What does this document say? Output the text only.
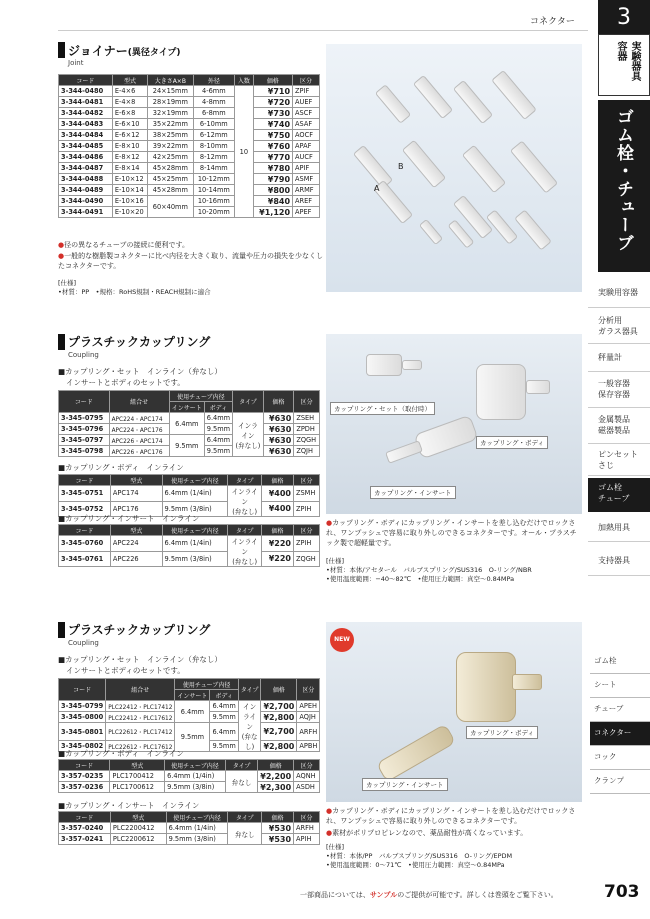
コネクター	3
実験器具
容器
ゴム栓・チューブ
実験用容器
分析用
ガラス器具
秤量計
一般容器
保存容器
金属製品
磁器製品
ピンセット
さじ
ゴム栓
チューブ
加熱用具
支持器具
ゴム栓
シート
チューブ
コネクター
コック
クランプ
ジョイナー(異径タイプ)
Joint
コード	型式	大きさA×B	外径	入数	価格	区分
3-344-0480	E-4×6	24×15mm	4-6mm	10	¥710	ZPIF
3-344-0481	E-4×8	28×19mm	4-8mm		¥720	AUEF
3-344-0482	E-6×8	32×19mm	6-8mm		¥730	ASCF
3-344-0483	E-6×10	35×22mm	6-10mm		¥740	ASAF
3-344-0484	E-6×12	38×25mm	6-12mm		¥750	AOCF
3-344-0485	E-8×10	39×22mm	8-10mm		¥760	APAF
3-344-0486	E-8×12	42×25mm	8-12mm		¥770	AUCF
3-344-0487	E-8×14	45×28mm	8-14mm		¥780	APIF
3-344-0488	E-10×12	45×25mm	10-12mm		¥790	ASMF
3-344-0489	E-10×14	45×28mm	10-14mm		¥800	ARMF
3-344-0490	E-10×16	60×40mm	10-16mm		¥840	AREF
3-344-0491	E-10×20		10-20mm		¥1,120	APEF
B
A
●径の異なるチューブの接続に便利です。
●一般的な樹脂製コネクターに比べ内径を大きく取り、流量や圧力の損失を少なくしたコネクターです。
[仕様]
•材質：PP　•規格：RoHS規制・REACH規制に適合
プラスチックカップリング
Coupling
■カップリング・セット　インライン（弁なし）
インサートとボディのセットです。
コード	組合せ	使用チューブ内径		タイプ	価格	区分
		インサート	ボディ			
3-345-0795	APC224・APC174	6.4mm	6.4mm	インライン
(弁なし)	¥630	ZSEH
3-345-0796	APC224・APC176		9.5mm		¥630	ZPDH
3-345-0797	APC226・APC174	9.5mm	6.4mm		¥630	ZQGH
3-345-0798	APC226・APC176		9.5mm		¥630	ZQJH
■カップリング・ボディ　インライン
コード	型式	使用チューブ内径	タイプ	価格	区分
3-345-0751	APC174	6.4mm (1/4in)	インライン
(弁なし)	¥400	ZSMH
3-345-0752	APC176	9.5mm (3/8in)		¥400	ZPIH
■カップリング・インサート　インライン
コード	型式	使用チューブ内径	タイプ	価格	区分
3-345-0760	APC224	6.4mm (1/4in)	インライン
(弁なし)	¥220	ZPIH
3-345-0761	APC226	9.5mm (3/8in)		¥220	ZQGH
カップリング・セット（取付時）
カップリング・ボディ
カップリング・インサート
●カップリング・ボディにカップリング・インサートを差し込むだけでロックされ、ワンプッシュで容易に取り外しのできるコネクターです。オール・プラスチック製で超軽量です。
[仕様]
•材質：本体/アセタール　バルブスプリング/SUS316　O-リング/NBR
•使用温度範囲：−40〜82℃　•使用圧力範囲：真空〜0.84MPa
プラスチックカップリング
Coupling
■カップリング・セット　インライン（弁なし）
インサートとボディのセットです。
コード	組合せ	使用チューブ内径		タイプ	価格	区分
		インサート	ボディ			
3-345-0799	PLC22412・PLC17412	6.4mm	6.4mm	インライン
(弁なし)	¥2,700	APEH
3-345-0800	PLC22412・PLC17612		9.5mm		¥2,800	AQJH
3-345-0801	PLC22612・PLC17412	9.5mm	6.4mm		¥2,700	ARFH
3-345-0802	PLC22612・PLC17612		9.5mm		¥2,800	APBH
■カップリング・ボディ　インライン
コード	型式	使用チューブ内径	タイプ	価格	区分
3-357-0235	PLC1700412	6.4mm (1/4in)	弁なし	¥2,200	AQNH
3-357-0236	PLC1700612	9.5mm (3/8in)		¥2,300	ASDH
■カップリング・インサート　インライン
コード	型式	使用チューブ内径	タイプ	価格	区分
3-357-0240	PLC2200412	6.4mm (1/4in)	弁なし	¥530	ARFH
3-357-0241	PLC2200612	9.5mm (3/8in)		¥530	APIH
NEW
カップリング・ボディ
カップリング・インサート
●カップリング・ボディにカップリング・インサートを差し込むだけでロックされ、ワンプッシュで容易に取り外しのできるコネクターです。
●素材がポリプロピレンなので、薬品耐性が高くなっています。
[仕様]
•材質：本体/PP　バルブスプリング/SUS316　O-リング/EPDM
•使用温度範囲：0〜71℃　•使用圧力範囲：真空〜0.84MPa
一部商品については、サンプルのご提供が可能です。詳しくは巻頭をご覧下さい。	703
